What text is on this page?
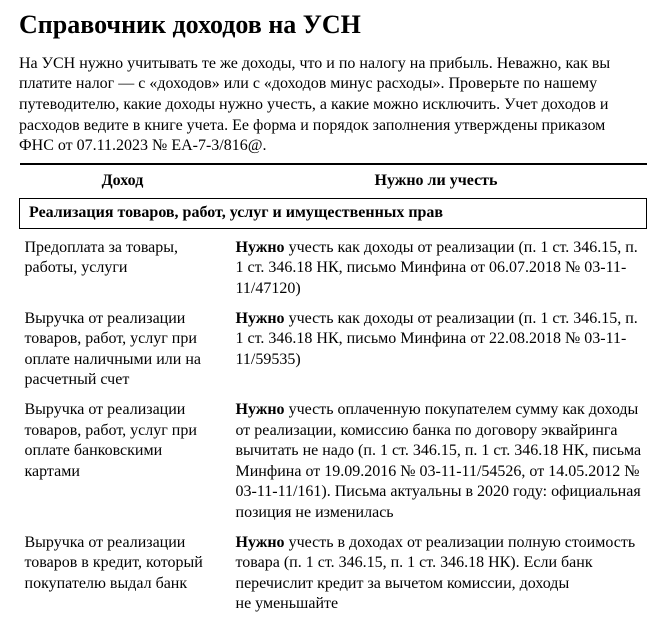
Справочник доходов на УСН

На УСН нужно учитывать те же доходы, что и по налогу на прибыль. Неважно, как вы платите налог — с «доходов» или с «доходов минус расходы». Проверьте по нашему путеводителю, какие доходы нужно учесть, а какие можно исключить. Учет доходов и расходов ведите в книге учета. Ее форма и порядок заполнения утверждены приказом ФНС от 07.11.2023 № ЕА-7-3/816@.

Доход	Нужно ли учесть
Реализация товаров, работ, услуг и имущественных прав	
Предоплата за товары, работы, услуги	Нужно учесть как доходы от реализации (п. 1 ст. 346.15, п. 1 ст. 346.18 НК, письмо Минфина от 06.07.2018 № 03-11-11/47120)
Выручка от реализации товаров, работ, услуг при оплате наличными или на расчетный счет	Нужно учесть как доходы от реализации (п. 1 ст. 346.15, п. 1 ст. 346.18 НК, письмо Минфина от 22.08.2018 № 03-11-11/59535)
Выручка от реализации товаров, работ, услуг при оплате банковскими картами	Нужно учесть оплаченную покупателем сумму как доходы от реализации, комиссию банка по договору эквайринга вычитать не надо (п. 1 ст. 346.15, п. 1 ст. 346.18 НК, письма Минфина от 19.09.2016 № 03-11-11/54526, от 14.05.2012 № 03-11-11/161). Письма актуальны в 2020 году: официальная позиция не изменилась
Выручка от реализации товаров в кредит, который покупателю выдал банк	Нужно учесть в доходах от реализации полную стоимость товара (п. 1 ст. 346.15, п. 1 ст. 346.18 НК). Если банк перечислит кредит за вычетом комиссии, доходы не уменьшайте
